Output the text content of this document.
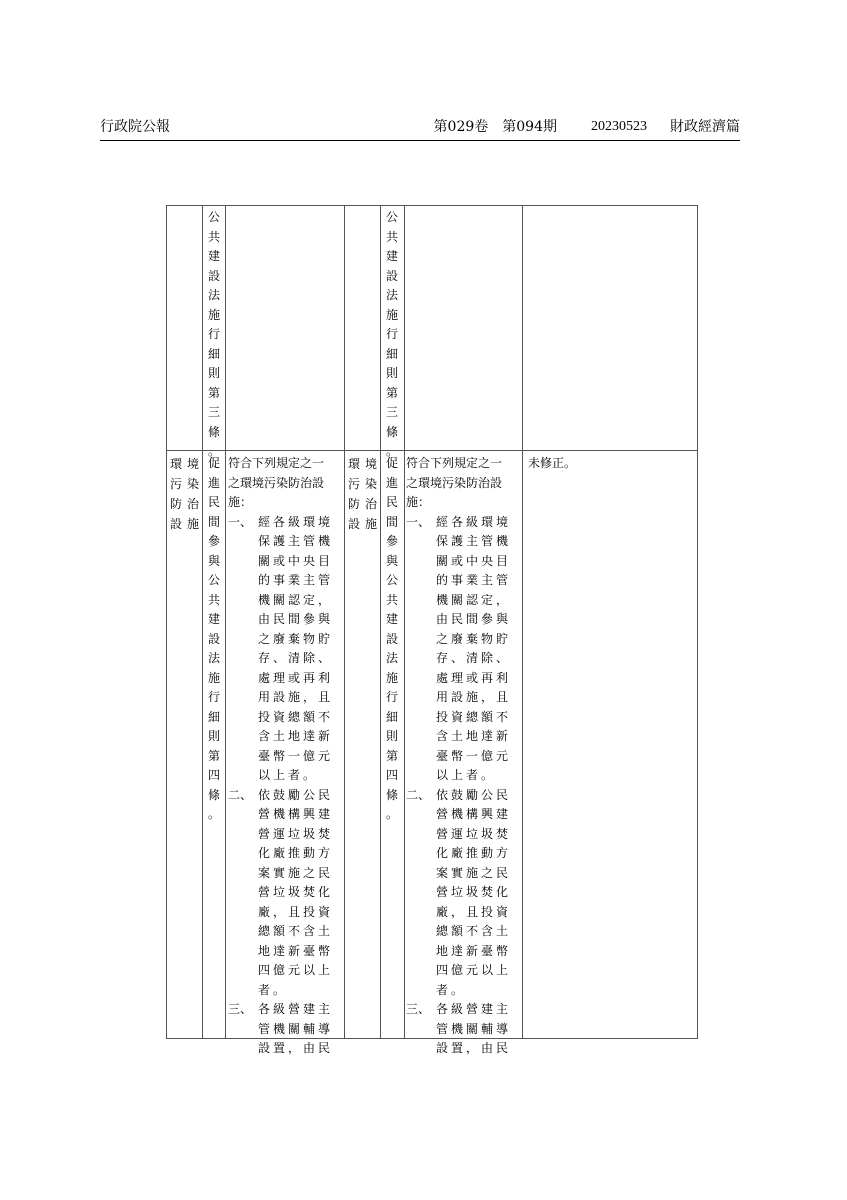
行政院公報	第029卷　第094期 20230523 財政經濟篇
公
共
建
設
法
施
行
細
則
第
三
條
。
公
共
建
設
法
施
行
細
則
第
三
條
。
環境
污染
防治
設施
促
進
民
間
參
與
公
共
建
設
法
施
行
細
則
第
四
條
。
符合下列規定之一
之環境污染防治設
施：
一、 經各級環境
保護主管機
關或中央目
的事業主管
機關認定，
由民間參與
之廢棄物貯
存、清除、
處理或再利
用設施，且
投資總額不
含土地達新
臺幣一億元
以上者。
二、 依鼓勵公民
營機構興建
營運垃圾焚
化廠推動方
案實施之民
營垃圾焚化
廠，且投資
總額不含土
地達新臺幣
四億元以上
者。
三、 各級營建主
管機關輔導
設置，由民
環境
污染
防治
設施
促
進
民
間
參
與
公
共
建
設
法
施
行
細
則
第
四
條
。
符合下列規定之一
之環境污染防治設
施：
一、 經各級環境
保護主管機
關或中央目
的事業主管
機關認定，
由民間參與
之廢棄物貯
存、清除、
處理或再利
用設施，且
投資總額不
含土地達新
臺幣一億元
以上者。
二、 依鼓勵公民
營機構興建
營運垃圾焚
化廠推動方
案實施之民
營垃圾焚化
廠，且投資
總額不含土
地達新臺幣
四億元以上
者。
三、 各級營建主
管機關輔導
設置，由民
未修正。
